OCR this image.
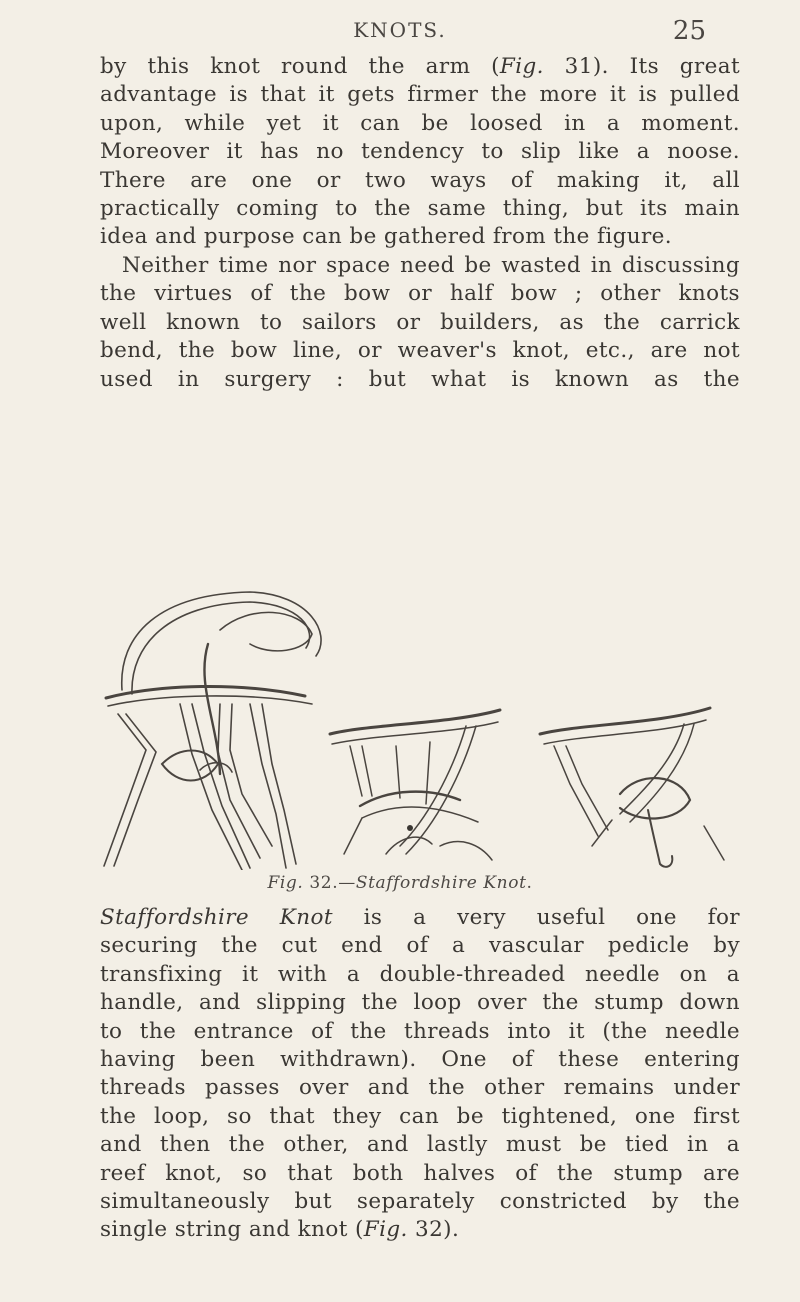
KNOTS.	25
by this knot round the arm (Fig. 31). Its great
advantage is that it gets firmer the more it is pulled
upon, while yet it can be loosed in a moment.
Moreover it has no tendency to slip like a noose.
There are one or two ways of making it, all
practically coming to the same thing, but its main
idea and purpose can be gathered from the figure.
Neither time nor space need be wasted in discussing
the virtues of the bow or half bow ; other knots
well known to sailors or builders, as the carrick
bend, the bow line, or weaver's knot, etc., are not
used in surgery : but what is known as the
Fig. 32.—Staffordshire Knot.
Staffordshire Knot is a very useful one for
securing the cut end of a vascular pedicle by
transfixing it with a double-threaded needle on a
handle, and slipping the loop over the stump down
to the entrance of the threads into it (the needle
having been withdrawn). One of these entering
threads passes over and the other remains under
the loop, so that they can be tightened, one first
and then the other, and lastly must be tied in a
reef knot, so that both halves of the stump are
simultaneously but separately constricted by the
single string and knot (Fig. 32).
